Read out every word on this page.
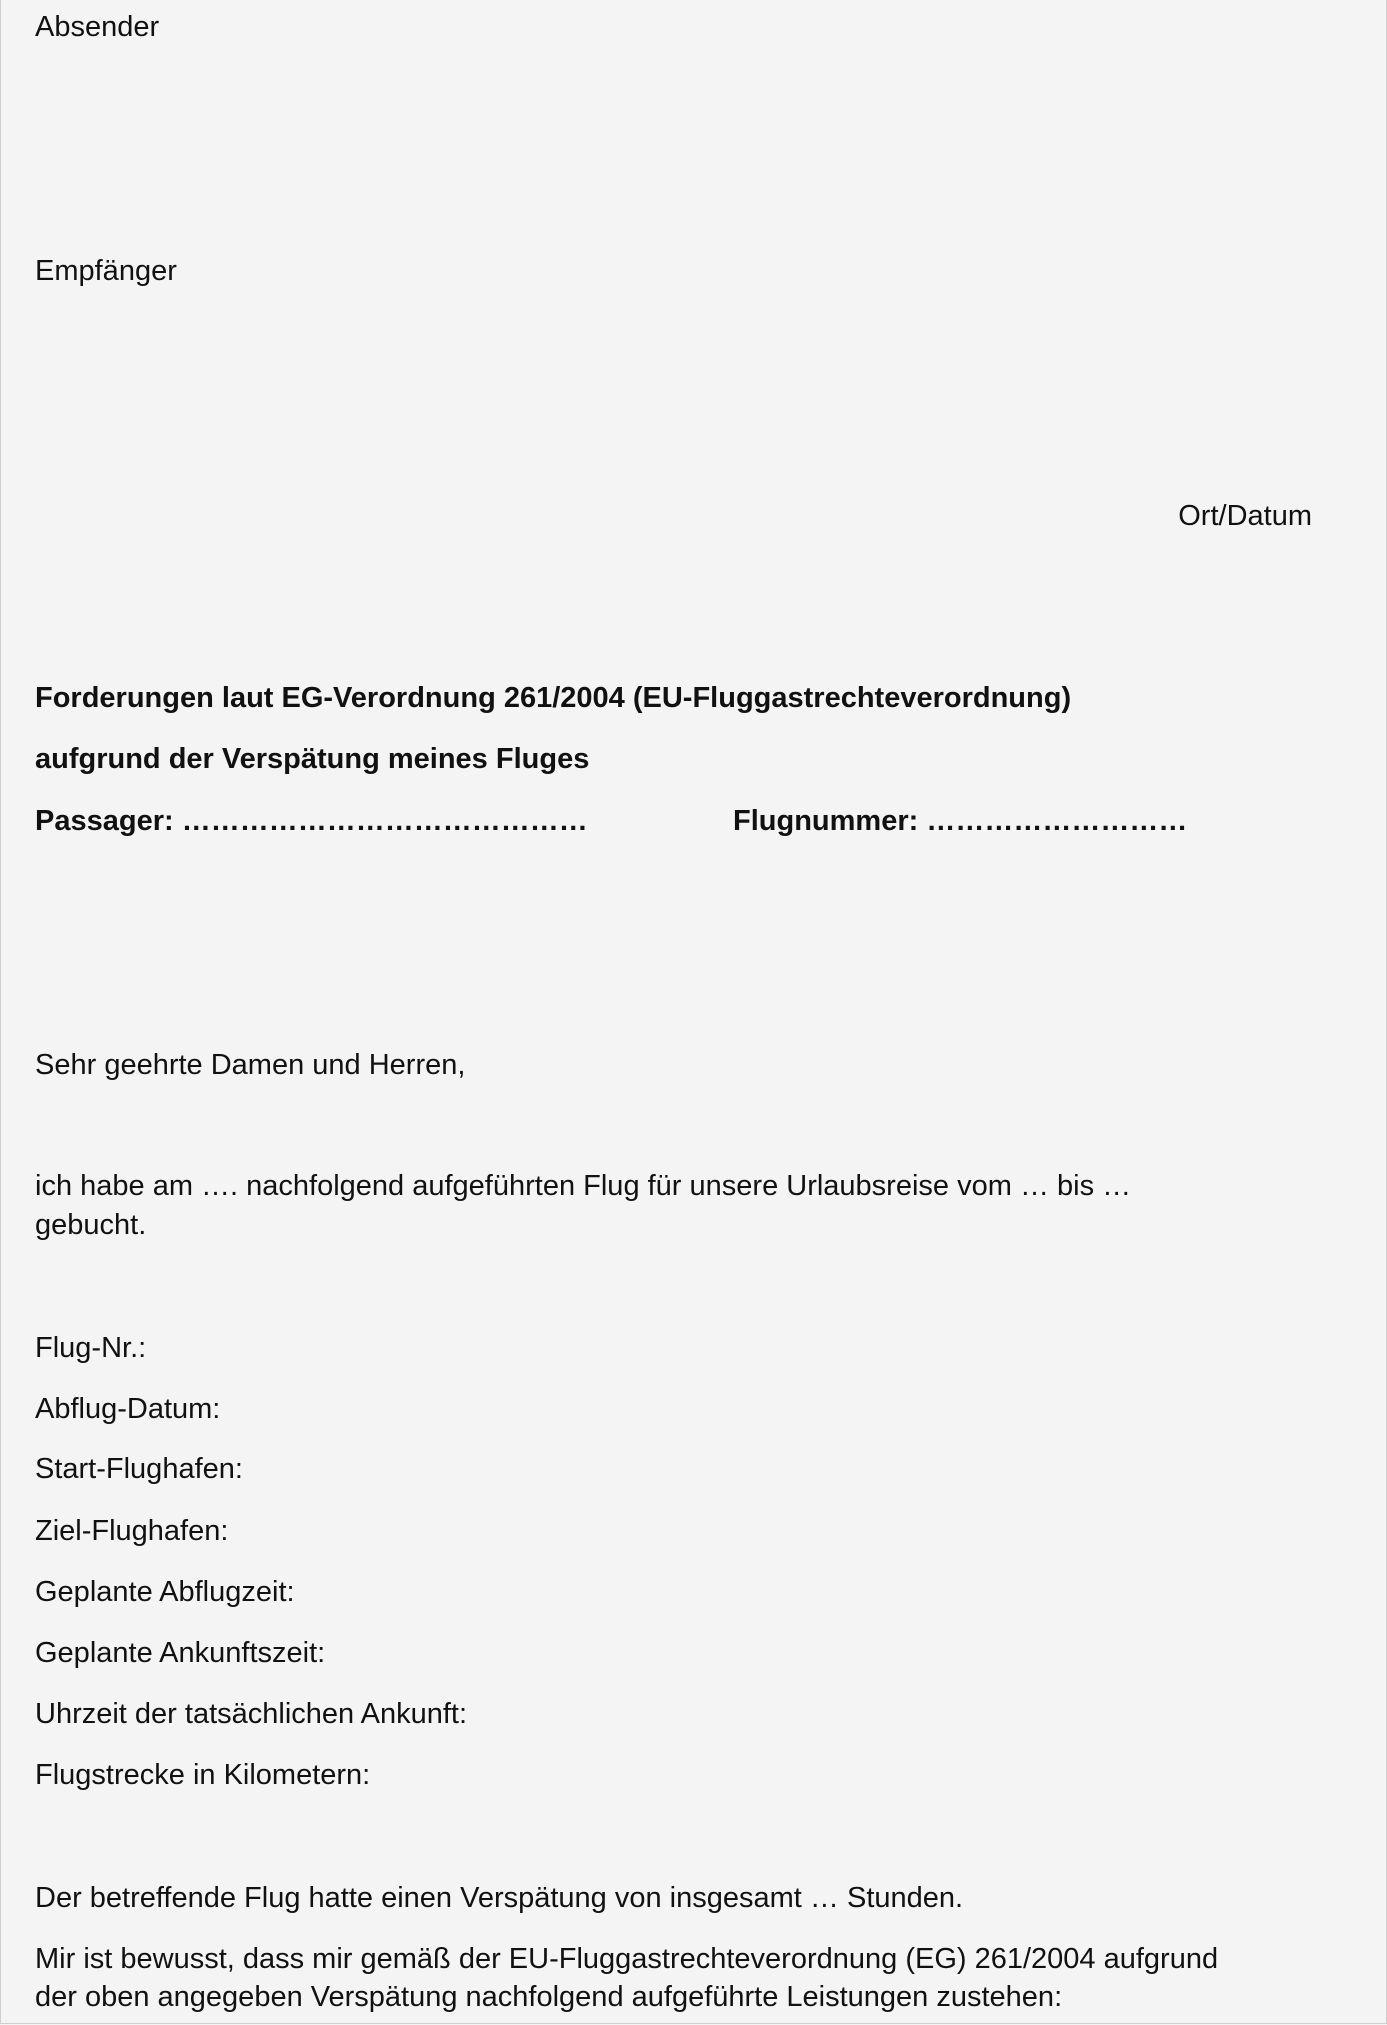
Absender
Empfänger
Ort/Datum
Forderungen laut EG-Verordnung 261/2004 (EU-Fluggastrechteverordnung)
aufgrund der Verspätung meines Fluges
Passager: ……………………………………	Flugnummer: ………………………
Sehr geehrte Damen und Herren,
ich habe am …. nachfolgend aufgeführten Flug für unsere Urlaubsreise vom … bis …
gebucht.
Flug-Nr.:
Abflug-Datum:
Start-Flughafen:
Ziel-Flughafen:
Geplante Abflugzeit:
Geplante Ankunftszeit:
Uhrzeit der tatsächlichen Ankunft:
Flugstrecke in Kilometern:
Der betreffende Flug hatte einen Verspätung von insgesamt … Stunden.
Mir ist bewusst, dass mir gemäß der EU-Fluggastrechteverordnung (EG) 261/2004 aufgrund
der oben angegeben Verspätung nachfolgend aufgeführte Leistungen zustehen:
